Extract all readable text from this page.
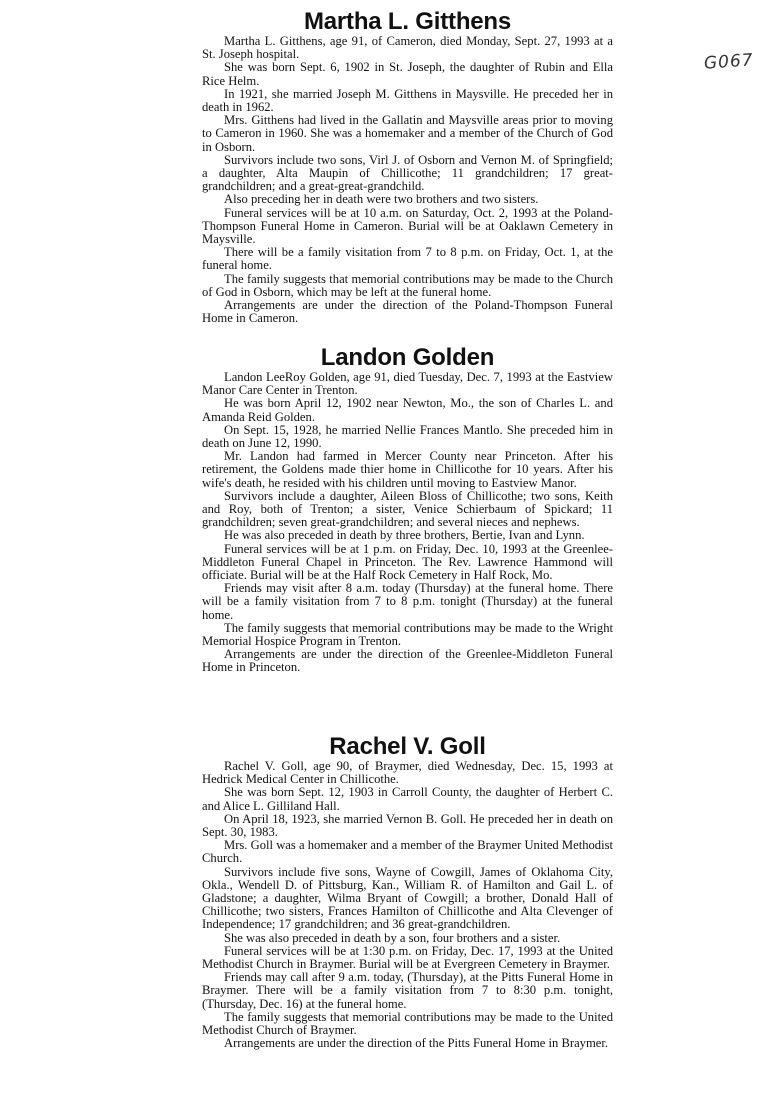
G067
Martha L. Gitthens

Martha L. Gitthens, age 91, of Cameron, died Monday, Sept. 27, 1993 at a St. Joseph hospital.

She was born Sept. 6, 1902 in St. Joseph, the daughter of Rubin and Ella Rice Helm.

In 1921, she married Joseph M. Gitthens in Maysville. He preceded her in death in 1962.

Mrs. Gitthens had lived in the Gallatin and Maysville areas prior to moving to Cameron in 1960. She was a homemaker and a member of the Church of God in Osborn.

Survivors include two sons, Virl J. of Osborn and Vernon M. of Springfield; a daughter, Alta Maupin of Chillicothe; 11 grandchildren; 17 great-grandchildren; and a great-great-grandchild.

Also preceding her in death were two brothers and two sisters.

Funeral services will be at 10 a.m. on Saturday, Oct. 2, 1993 at the Poland-Thompson Funeral Home in Cameron. Burial will be at Oaklawn Cemetery in Maysville.

There will be a family visitation from 7 to 8 p.m. on Friday, Oct. 1, at the funeral home.

The family suggests that memorial contributions may be made to the Church of God in Osborn, which may be left at the funeral home.

Arrangements are under the direction of the Poland-Thompson Funeral Home in Cameron.

Landon Golden

Landon LeeRoy Golden, age 91, died Tuesday, Dec. 7, 1993 at the Eastview Manor Care Center in Trenton.

He was born April 12, 1902 near Newton, Mo., the son of Charles L. and Amanda Reid Golden.

On Sept. 15, 1928, he married Nellie Frances Mantlo. She preceded him in death on June 12, 1990.

Mr. Landon had farmed in Mercer County near Princeton. After his retirement, the Goldens made thier home in Chillicothe for 10 years. After his wife's death, he resided with his children until moving to Eastview Manor.

Survivors include a daughter, Aileen Bloss of Chillicothe; two sons, Keith and Roy, both of Trenton; a sister, Venice Schierbaum of Spickard; 11 grandchildren; seven great-grandchildren; and several nieces and nephews.

He was also preceded in death by three brothers, Bertie, Ivan and Lynn.

Funeral services will be at 1 p.m. on Friday, Dec. 10, 1993 at the Greenlee-Middleton Funeral Chapel in Princeton. The Rev. Lawrence Hammond will officiate. Burial will be at the Half Rock Cemetery in Half Rock, Mo.

Friends may visit after 8 a.m. today (Thursday) at the funeral home. There will be a family visitation from 7 to 8 p.m. tonight (Thursday) at the funeral home.

The family suggests that memorial contributions may be made to the Wright Memorial Hospice Program in Trenton.

Arrangements are under the direction of the Greenlee-Middleton Funeral Home in Princeton.

Rachel V. Goll

Rachel V. Goll, age 90, of Braymer, died Wednesday, Dec. 15, 1993 at Hedrick Medical Center in Chillicothe.

She was born Sept. 12, 1903 in Carroll County, the daughter of Herbert C. and Alice L. Gilliland Hall.

On April 18, 1923, she married Vernon B. Goll. He preceded her in death on Sept. 30, 1983.

Mrs. Goll was a homemaker and a member of the Braymer United Methodist Church.

Survivors include five sons, Wayne of Cowgill, James of Oklahoma City, Okla., Wendell D. of Pittsburg, Kan., William R. of Hamilton and Gail L. of Gladstone; a daughter, Wilma Bryant of Cowgill; a brother, Donald Hall of Chillicothe; two sisters, Frances Hamilton of Chillicothe and Alta Clevenger of Independence; 17 grandchildren; and 36 great-grandchildren.

She was also preceded in death by a son, four brothers and a sister.

Funeral services will be at 1:30 p.m. on Friday, Dec. 17, 1993 at the United Methodist Church in Braymer. Burial will be at Evergreen Cemetery in Braymer.

Friends may call after 9 a.m. today, (Thursday), at the Pitts Funeral Home in Braymer. There will be a family visitation from 7 to 8:30 p.m. tonight, (Thursday, Dec. 16) at the funeral home.

The family suggests that memorial contributions may be made to the United Methodist Church of Braymer.

Arrangements are under the direction of the Pitts Funeral Home in Braymer.
